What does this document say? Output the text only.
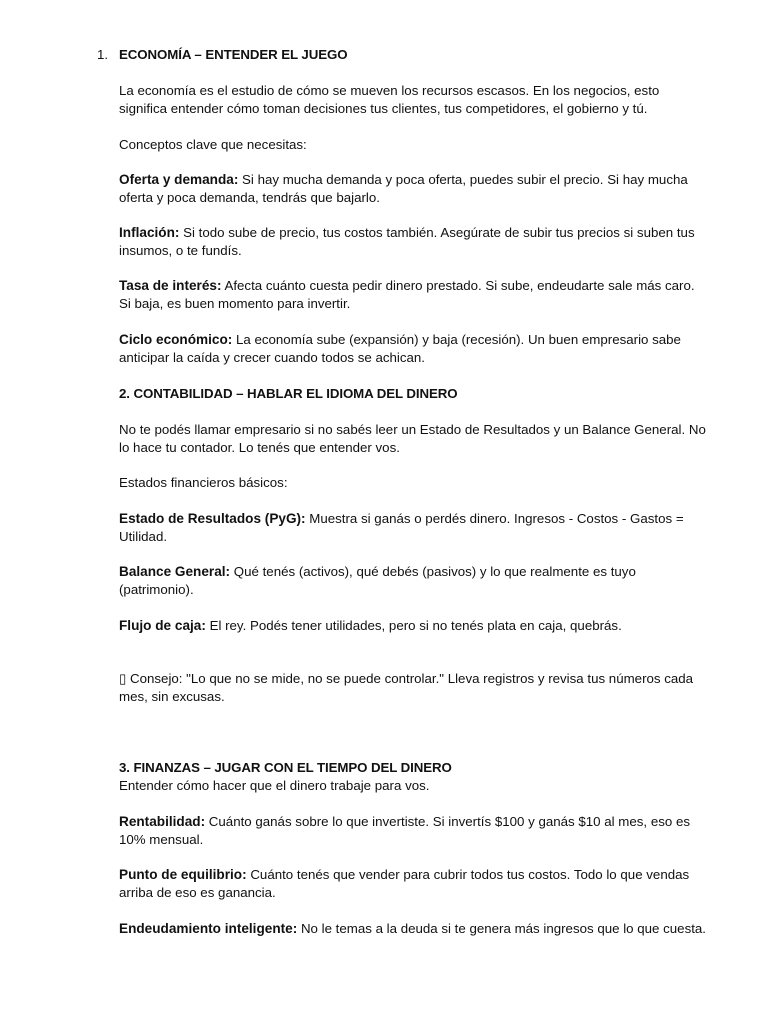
1. ECONOMÍA – ENTENDER EL JUEGO
La economía es el estudio de cómo se mueven los recursos escasos. En los negocios, esto significa entender cómo toman decisiones tus clientes, tus competidores, el gobierno y tú.
Conceptos clave que necesitas:
Oferta y demanda: Si hay mucha demanda y poca oferta, puedes subir el precio. Si hay mucha oferta y poca demanda, tendrás que bajarlo.
Inflación: Si todo sube de precio, tus costos también. Asegúrate de subir tus precios si suben tus insumos, o te fundís.
Tasa de interés: Afecta cuánto cuesta pedir dinero prestado. Si sube, endeudarte sale más caro. Si baja, es buen momento para invertir.
Ciclo económico: La economía sube (expansión) y baja (recesión). Un buen empresario sabe anticipar la caída y crecer cuando todos se achican.
2. CONTABILIDAD – HABLAR EL IDIOMA DEL DINERO
No te podés llamar empresario si no sabés leer un Estado de Resultados y un Balance General. No lo hace tu contador. Lo tenés que entender vos.
Estados financieros básicos:
Estado de Resultados (PyG): Muestra si ganás o perdés dinero. Ingresos - Costos - Gastos = Utilidad.
Balance General: Qué tenés (activos), qué debés (pasivos) y lo que realmente es tuyo (patrimonio).
Flujo de caja: El rey. Podés tener utilidades, pero si no tenés plata en caja, quebrás.
▯ Consejo: "Lo que no se mide, no se puede controlar." Lleva registros y revisa tus números cada mes, sin excusas.
3. FINANZAS – JUGAR CON EL TIEMPO DEL DINERO
Entender cómo hacer que el dinero trabaje para vos.
Rentabilidad: Cuánto ganás sobre lo que invertiste. Si invertís $100 y ganás $10 al mes, eso es 10% mensual.
Punto de equilibrio: Cuánto tenés que vender para cubrir todos tus costos. Todo lo que vendas arriba de eso es ganancia.
Endeudamiento inteligente: No le temas a la deuda si te genera más ingresos que lo que cuesta.
